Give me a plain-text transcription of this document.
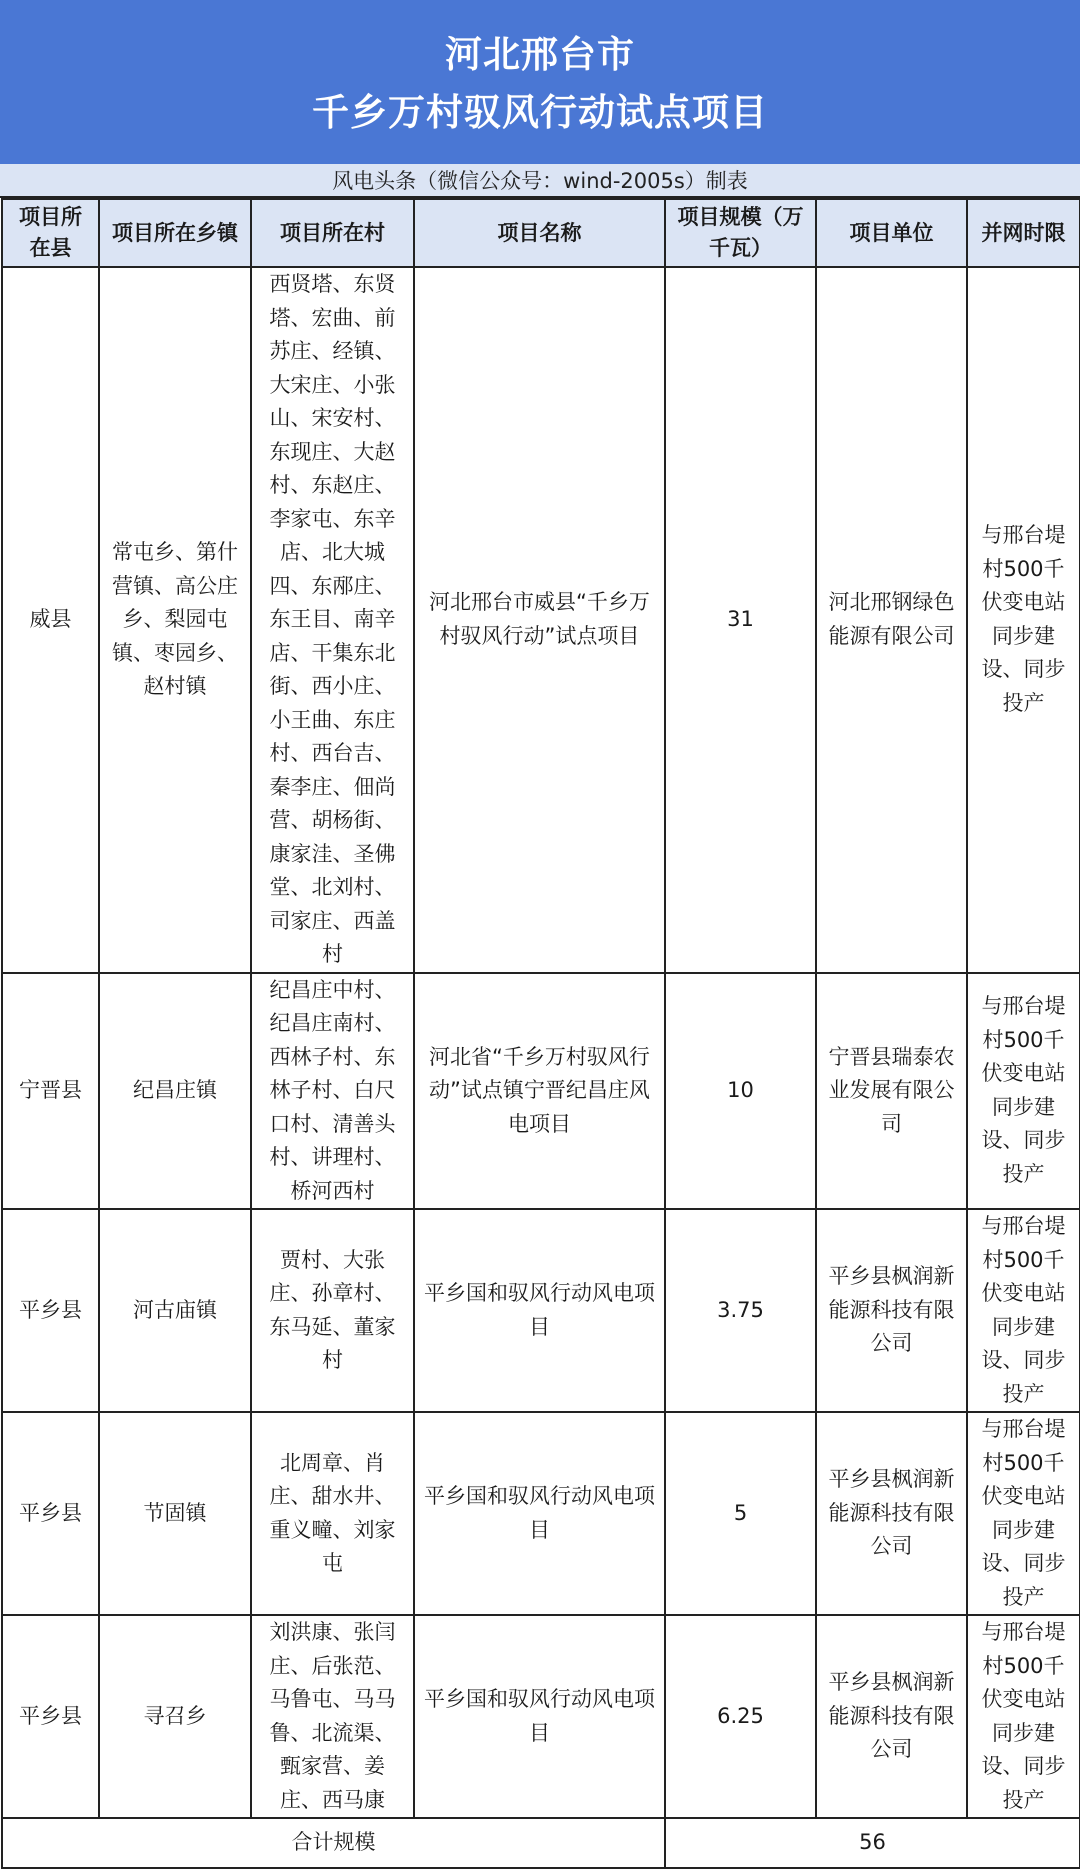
河北邢台市
千乡万村驭风行动试点项目
风电头条（微信公众号：wind-2005s）制表
项目所在县	项目所在乡镇	项目所在村	项目名称	项目规模（万千瓦）	项目单位	并网时限
威县	常屯乡、第什营镇、高公庄乡、梨园屯镇、枣园乡、赵村镇	西贤塔、东贤塔、宏曲、前苏庄、经镇、大宋庄、小张山、宋安村、东现庄、大赵村、东赵庄、李家屯、东辛店、北大城四、东邴庄、东王目、南辛店、干集东北街、西小庄、小王曲、东庄村、西台吉、秦李庄、佃尚营、胡杨街、康家洼、圣佛堂、北刘村、司家庄、西盖村	河北邢台市威县“千乡万村驭风行动”试点项目	31	河北邢钢绿色能源有限公司	与邢台堤村500千伏变电站同步建设、同步投产
宁晋县	纪昌庄镇	纪昌庄中村、纪昌庄南村、西林子村、东林子村、白尺口村、清善头村、讲理村、桥河西村	河北省“千乡万村驭风行动”试点镇宁晋纪昌庄风电项目	10	宁晋县瑞泰农业发展有限公司	与邢台堤村500千伏变电站同步建设、同步投产
平乡县	河古庙镇	贾村、大张庄、孙章村、东马延、董家村	平乡国和驭风行动风电项目	3.75	平乡县枫润新能源科技有限公司	与邢台堤村500千伏变电站同步建设、同步投产
平乡县	节固镇	北周章、肖庄、甜水井、重义疃、刘家屯	平乡国和驭风行动风电项目	5	平乡县枫润新能源科技有限公司	与邢台堤村500千伏变电站同步建设、同步投产
平乡县	寻召乡	刘洪康、张闫庄、后张范、马鲁屯、马马鲁、北流渠、甄家营、姜庄、西马康	平乡国和驭风行动风电项目	6.25	平乡县枫润新能源科技有限公司	与邢台堤村500千伏变电站同步建设、同步投产
合计规模				56		
